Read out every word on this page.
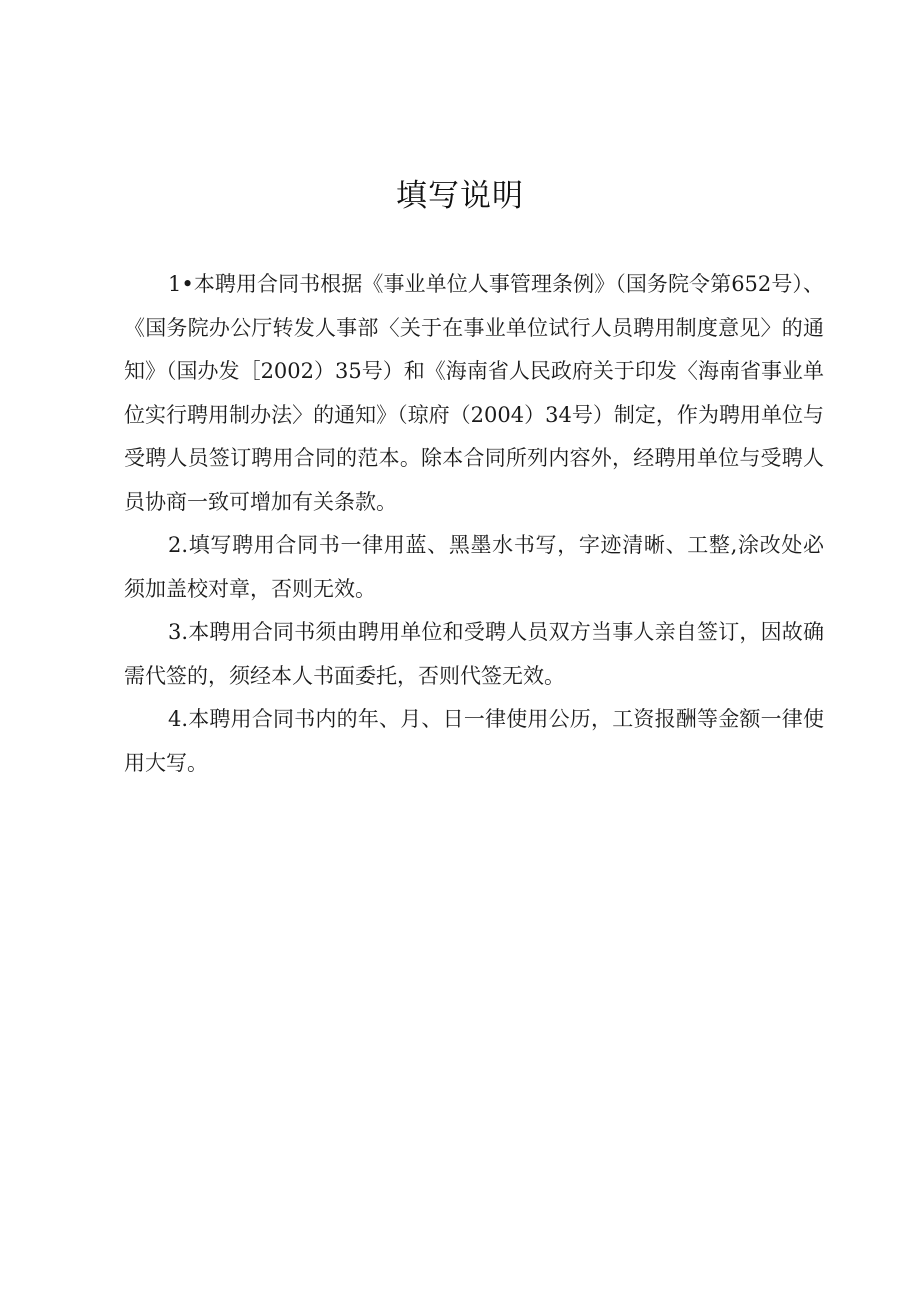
填写说明

1•本聘用合同书根据《事业单位人事管理条例》（国务院令第652号）、《国务院办公厅转发人事部〈关于在事业单位试行人员聘用制度意见〉的通知》（国办发［2002）35号）和《海南省人民政府关于印发〈海南省事业单位实行聘用制办法〉的通知》（琼府（2004）34号）制定，作为聘用单位与受聘人员签订聘用合同的范本。除本合同所列内容外，经聘用单位与受聘人员协商一致可增加有关条款。

2.填写聘用合同书一律用蓝、黑墨水书写，字迹清晰、工整,涂改处必须加盖校对章，否则无效。

3.本聘用合同书须由聘用单位和受聘人员双方当事人亲自签订，因故确需代签的，须经本人书面委托，否则代签无效。

4.本聘用合同书内的年、月、日一律使用公历，工资报酬等金额一律使用大写。
